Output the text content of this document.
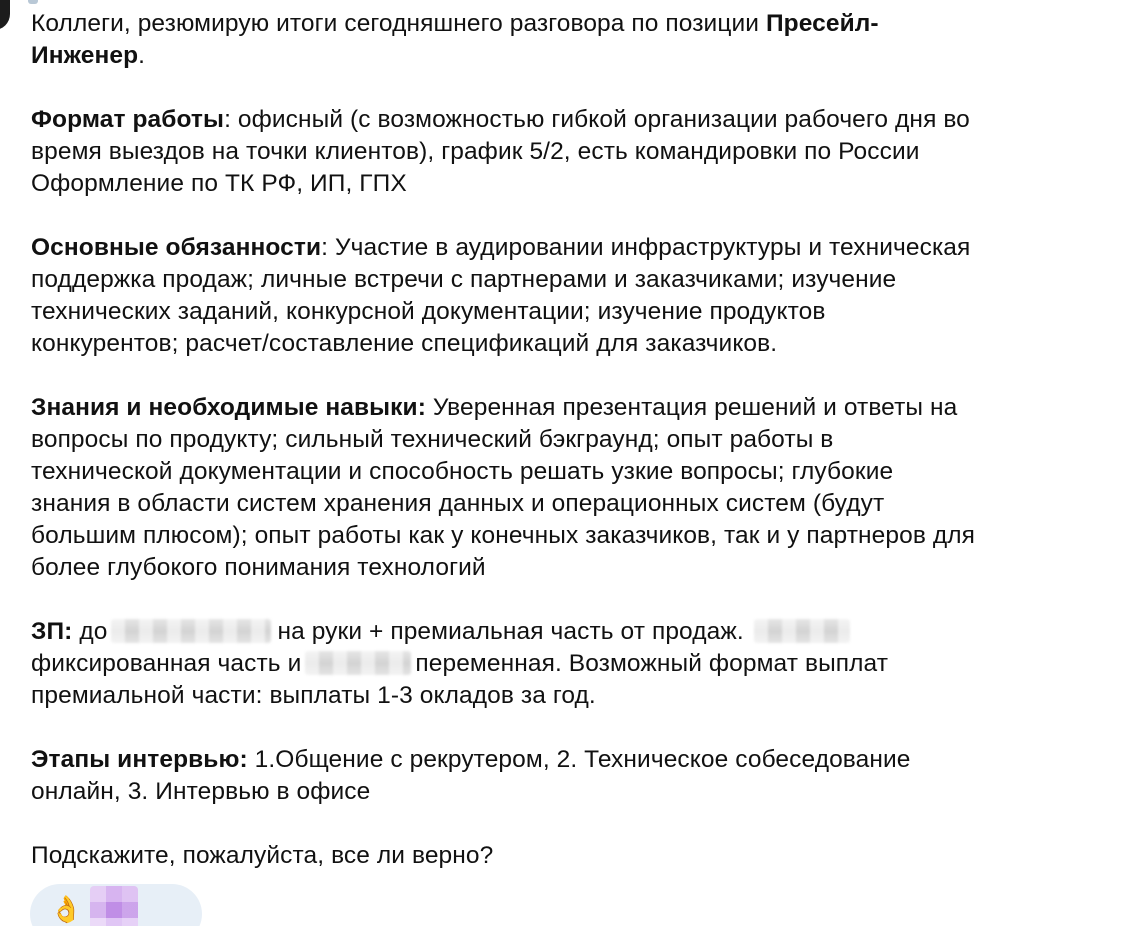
Коллеги, резюмирую итоги сегодняшнего разговора по позиции Пресейл-
Инженер.
Формат работы: офисный (с возможностью гибкой организации рабочего дня во
время выездов на точки клиентов), график 5/2, есть командировки по России
Оформление по ТК РФ, ИП, ГПХ
Основные обязанности: Участие в аудировании инфраструктуры и техническая
поддержка продаж; личные встречи с партнерами и заказчиками; изучение
технических заданий, конкурсной документации; изучение продуктов
конкурентов; расчет/составление спецификаций для заказчиков.
Знания и необходимые навыки: Уверенная презентация решений и ответы на
вопросы по продукту; сильный технический бэкграунд; опыт работы в
технической документации и способность решать узкие вопросы; глубокие
знания в области систем хранения данных и операционных систем (будут
большим плюсом); опыт работы как у конечных заказчиков, так и у партнеров для
более глубокого понимания технологий
ЗП: до	на руки + премиальная часть от продаж.
фиксированная часть и	переменная. Возможный формат выплат
премиальной части: выплаты 1-3 окладов за год.
Этапы интервью: 1.Общение с рекрутером, 2. Техническое собеседование
онлайн, 3. Интервью в офисе
Подскажите, пожалуйста, все ли верно?
👌
